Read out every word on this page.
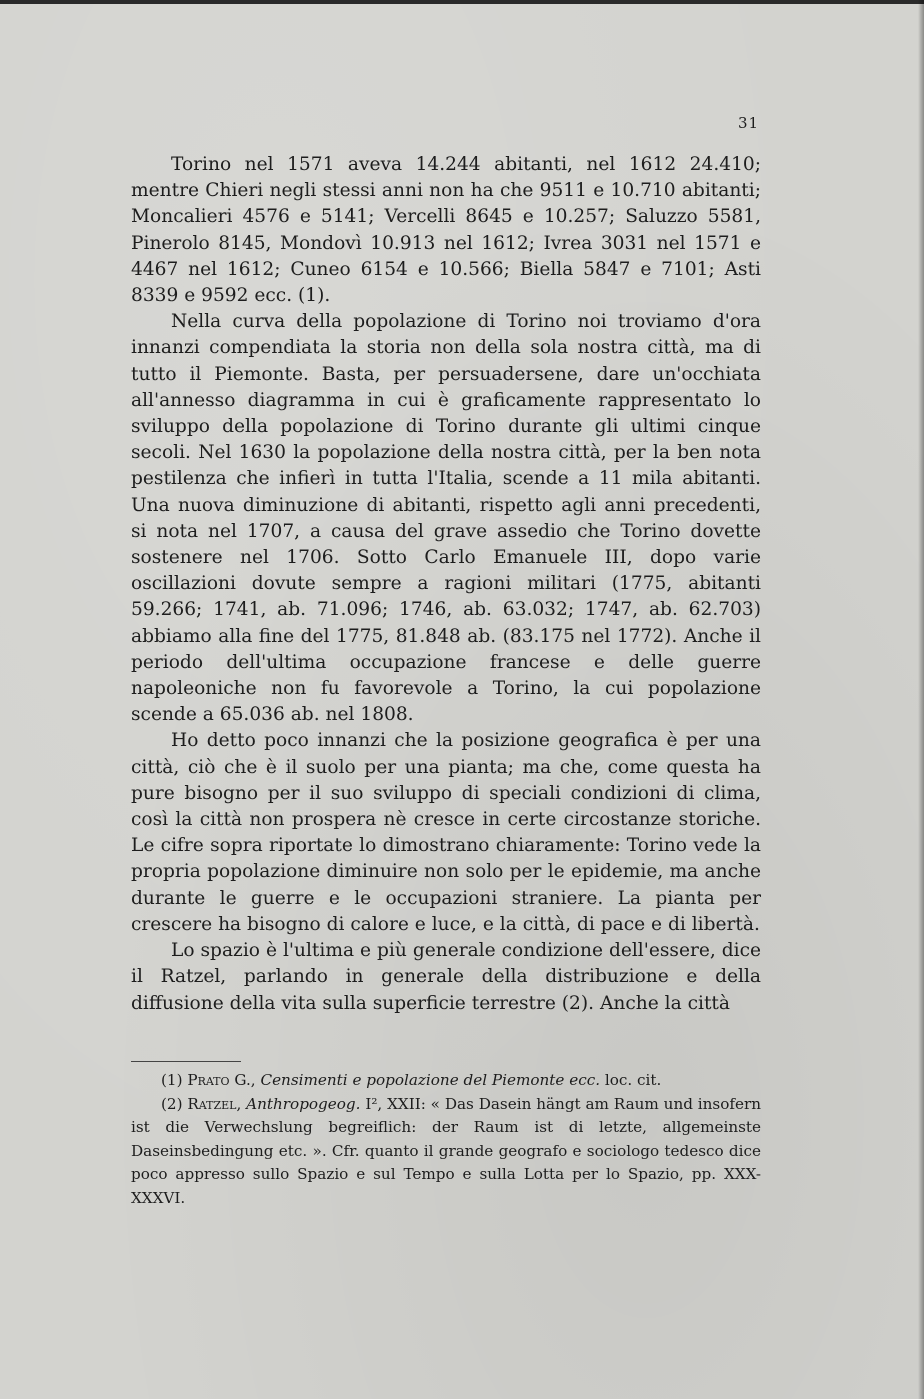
31

Torino nel 1571 aveva 14.244 abitanti, nel 1612 24.410; mentre Chieri negli stessi anni non ha che 9511 e 10.710 abitanti; Moncalieri 4576 e 5141; Vercelli 8645 e 10.257; Saluzzo 5581, Pinerolo 8145, Mondovì 10.913 nel 1612; Ivrea 3031 nel 1571 e 4467 nel 1612; Cuneo 6154 e 10.566; Biella 5847 e 7101; Asti 8339 e 9592 ecc. (1).

Nella curva della popolazione di Torino noi troviamo d'ora innanzi compendiata la storia non della sola nostra città, ma di tutto il Piemonte. Basta, per persuadersene, dare un'occhiata all'annesso diagramma in cui è graficamente rappresentato lo sviluppo della popolazione di Torino durante gli ultimi cinque secoli. Nel 1630 la popolazione della nostra città, per la ben nota pestilenza che infierì in tutta l'Italia, scende a 11 mila abitanti. Una nuova diminuzione di abitanti, rispetto agli anni precedenti, si nota nel 1707, a causa del grave assedio che Torino dovette sostenere nel 1706. Sotto Carlo Emanuele III, dopo varie oscillazioni dovute sempre a ragioni militari (1775, abitanti 59.266; 1741, ab. 71.096; 1746, ab. 63.032; 1747, ab. 62.703) abbiamo alla fine del 1775, 81.848 ab. (83.175 nel 1772). Anche il periodo dell'ultima occupazione francese e delle guerre napoleoniche non fu favorevole a Torino, la cui popolazione scende a 65.036 ab. nel 1808.

Ho detto poco innanzi che la posizione geografica è per una città, ciò che è il suolo per una pianta; ma che, come questa ha pure bisogno per il suo sviluppo di speciali condizioni di clima, così la città non prospera nè cresce in certe circostanze storiche. Le cifre sopra riportate lo dimostrano chiaramente: Torino vede la propria popolazione diminuire non solo per le epidemie, ma anche durante le guerre e le occupazioni straniere. La pianta per crescere ha bisogno di calore e luce, e la città, di pace e di libertà.

Lo spazio è l'ultima e più generale condizione dell'essere, dice il Ratzel, parlando in generale della distribuzione e della diffusione della vita sulla superficie terrestre (2). Anche la città

(1) Prato G., Censimenti e popolazione del Piemonte ecc. loc. cit.

(2) Ratzel, Anthropogeog. I², XXII: « Das Dasein hängt am Raum und insofern ist die Verwechslung begreiflich: der Raum ist di letzte, allgemeinste Daseinsbedingung etc. ». Cfr. quanto il grande geografo e sociologo tedesco dice poco appresso sullo Spazio e sul Tempo e sulla Lotta per lo Spazio, pp. XXX-XXXVI.
